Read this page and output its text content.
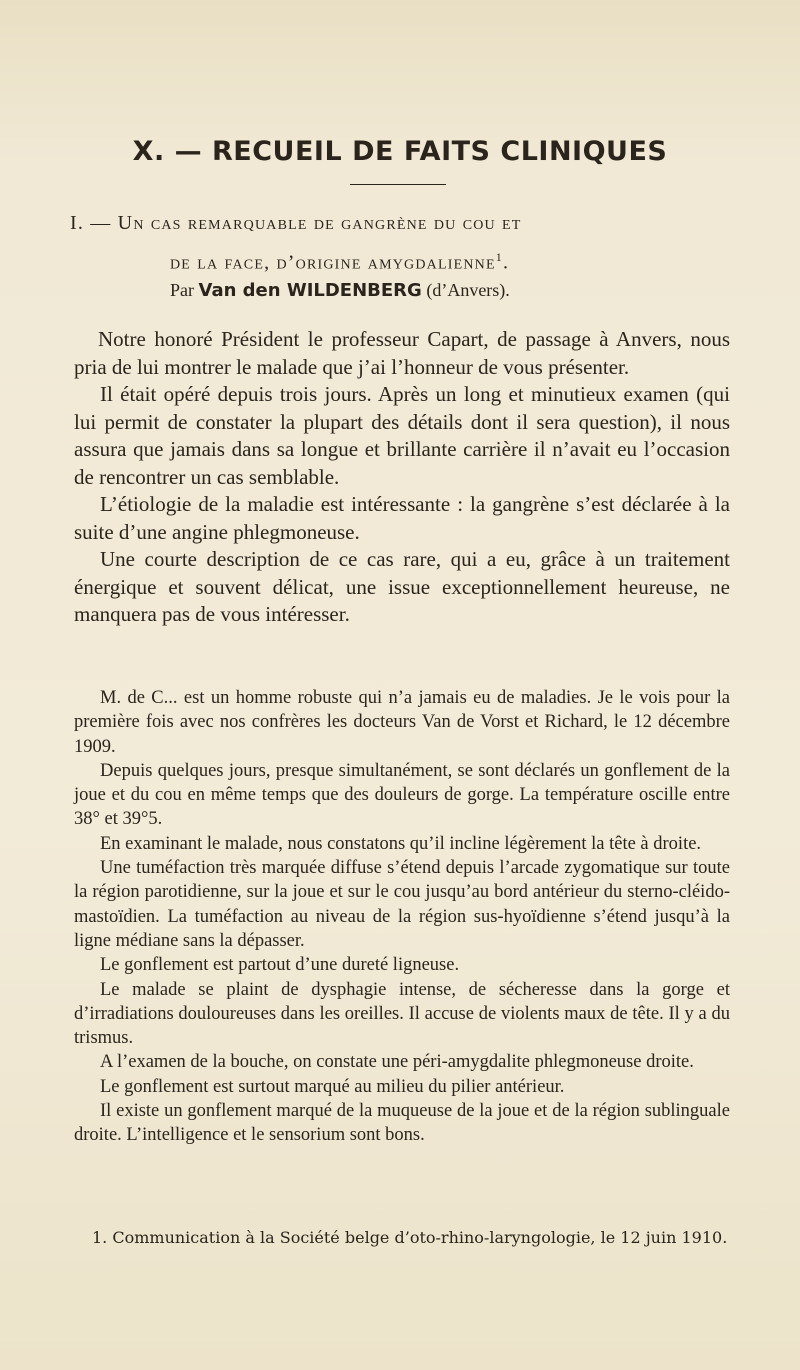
X. — RECUEIL DE FAITS CLINIQUES
I. — Un cas remarquable de gangrène du cou et
de la face, d’origine amygdalienne$^1$.
Par Van den WILDENBERG (d’Anvers).

Notre honoré Président le professeur Capart, de passage à Anvers, nous pria de lui montrer le malade que j’ai l’honneur de vous présenter.

Il était opéré depuis trois jours. Après un long et minutieux examen (qui lui permit de constater la plupart des détails dont il sera question), il nous assura que jamais dans sa longue et brillante carrière il n’avait eu l’occasion de rencontrer un cas semblable.

L’étiologie de la maladie est intéressante : la gangrène s’est déclarée à la suite d’une angine phlegmoneuse.

Une courte description de ce cas rare, qui a eu, grâce à un traitement énergique et souvent délicat, une issue exceptionnellement heureuse, ne manquera pas de vous intéresser.

M. de C... est un homme robuste qui n’a jamais eu de maladies. Je le vois pour la première fois avec nos confrères les docteurs Van de Vorst et Richard, le 12 décembre 1909.

Depuis quelques jours, presque simultanément, se sont déclarés un gonflement de la joue et du cou en même temps que des douleurs de gorge. La température oscille entre 38° et 39°5.

En examinant le malade, nous constatons qu’il incline légèrement la tête à droite.

Une tuméfaction très marquée diffuse s’étend depuis l’arcade zygomatique sur toute la région parotidienne, sur la joue et sur le cou jusqu’au bord antérieur du sterno-cléido-mastoïdien. La tuméfaction au niveau de la région sus-hyoïdienne s’étend jusqu’à la ligne médiane sans la dépasser.

Le gonflement est partout d’une dureté ligneuse.

Le malade se plaint de dysphagie intense, de sécheresse dans la gorge et d’irradiations douloureuses dans les oreilles. Il accuse de violents maux de tête. Il y a du trismus.

A l’examen de la bouche, on constate une péri-amygdalite phlegmoneuse droite.

Le gonflement est surtout marqué au milieu du pilier antérieur.

Il existe un gonflement marqué de la muqueuse de la joue et de la région sublinguale droite. L’intelligence et le sensorium sont bons.

1. Communication à la Société belge d’oto-rhino-laryngologie, le 12 juin 1910.
